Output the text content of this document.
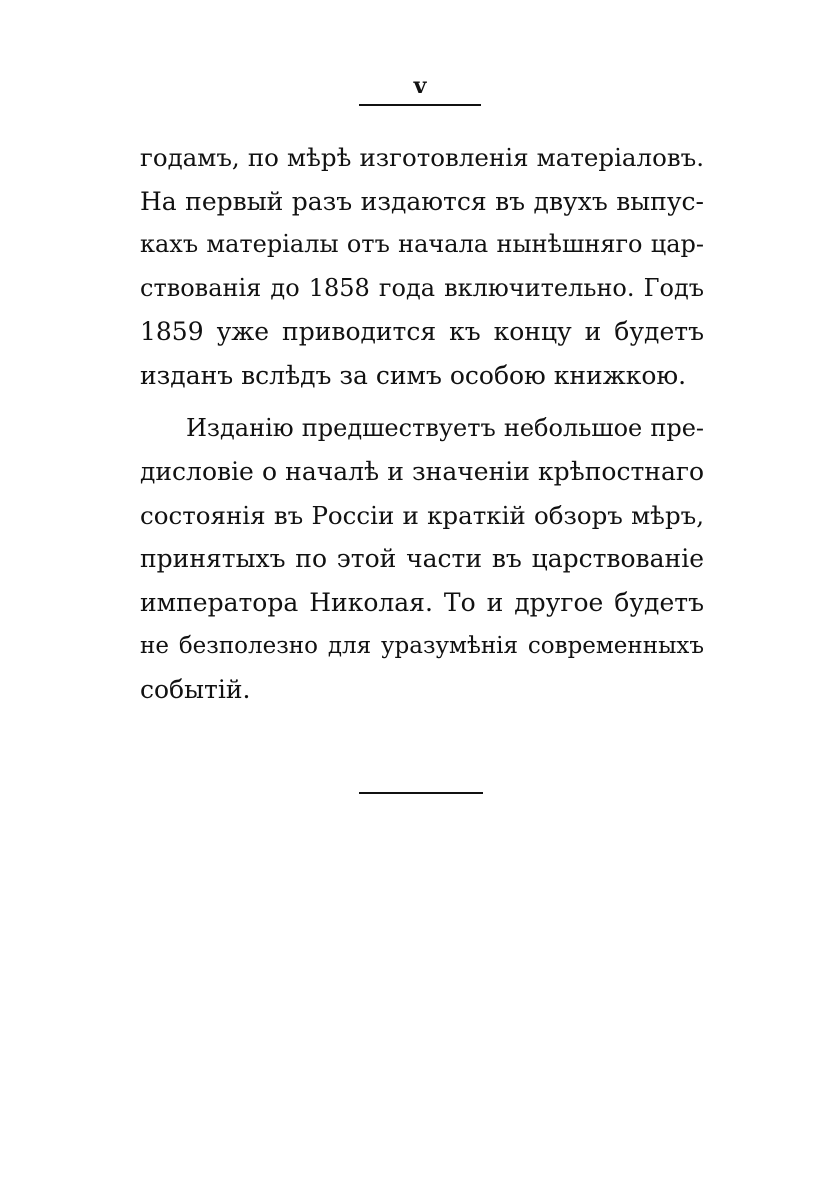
v
годамъ, по мѣрѣ изготовленія матеріаловъ.
На первый разъ издаются въ двухъ выпус-
кахъ матеріалы отъ начала нынѣшняго цар-
ствованія до 1858 года включительно. Годъ
1859 уже приводится къ концу и будетъ
изданъ вслѣдъ за симъ особою книжкою.
Изданію предшествуетъ небольшое пре-
дисловіе о началѣ и значеніи крѣпостнаго
состоянія въ Россіи и краткій обзоръ мѣръ,
принятыхъ по этой части въ царствованіе
императора Николая. То и другое будетъ
не безполезно для уразумѣнія современныхъ
событій.
